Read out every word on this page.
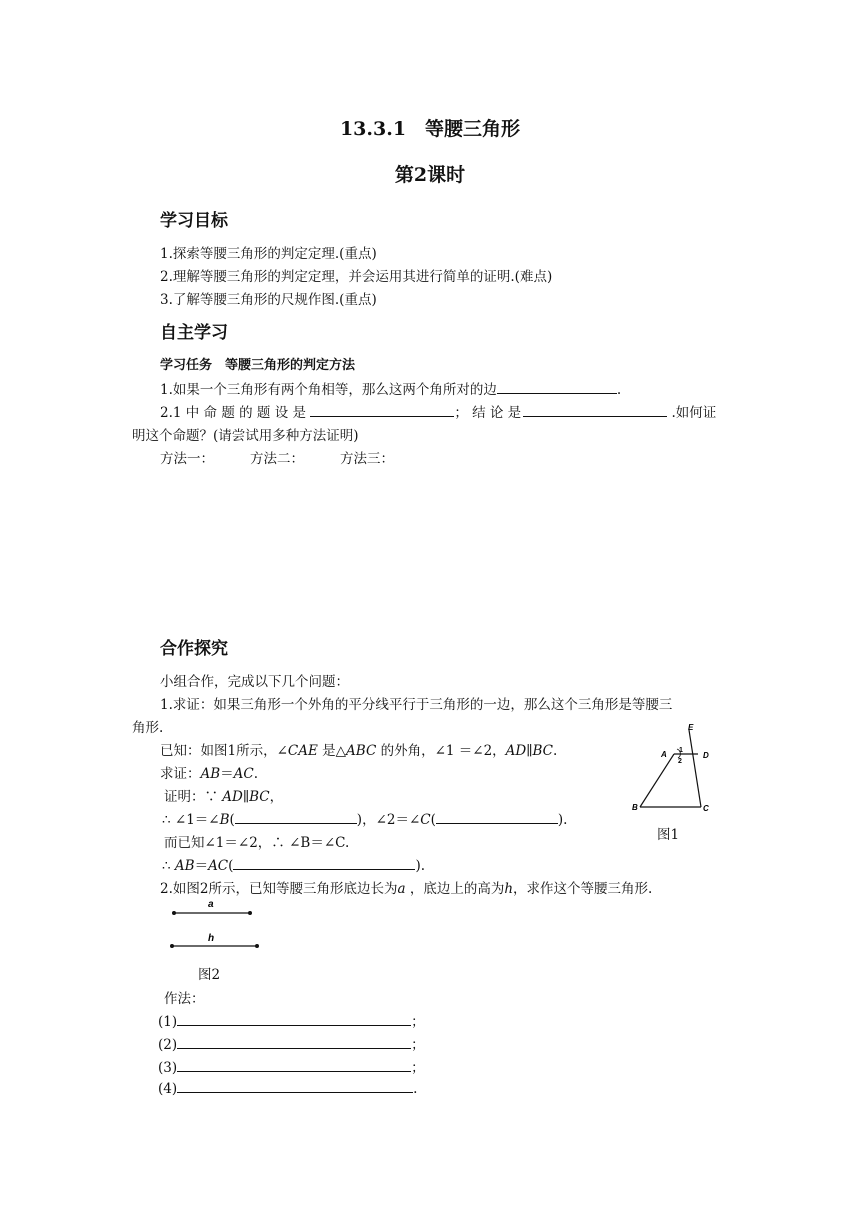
13.3.1　等腰三角形
第2课时
学习目标
1.探索等腰三角形的判定定理.(重点)
2.理解等腰三角形的判定定理，并会运用其进行简单的证明.(难点)
3.了解等腰三角形的尺规作图.(重点)
自主学习
学习任务　等腰三角形的判定方法
1.如果一个三角形有两个角相等，那么这两个角所对的边	.
2.1 中 命 题 的 题 设 是	； 结 论 是	.如何证
明这个命题？(请尝试用多种方法证明)
方法一：	方法二：	方法三：
合作探究
小组合作，完成以下几个问题：
1.求证：如果三角形一个外角的平分线平行于三角形的一边，那么这个三角形是等腰三
角形.
已知：如图1所示，∠CAE 是△ABC 的外角，∠1 ＝∠2，AD∥BC.
求证：AB＝AC.
证明：∵ AD∥BC，
∴ ∠1＝∠B(	)，∠2＝∠C(	).
而已知∠1＝∠2，∴ ∠B＝∠C.
∴ AB＝AC(	).
E
A	D
B	C
1
2
图1
2.如图2所示，已知等腰三角形底边长为a ，底边上的高为h，求作这个等腰三角形.
a
h
图2
作法：
(1)	；
(2)	；
(3)	；
(4)	.
